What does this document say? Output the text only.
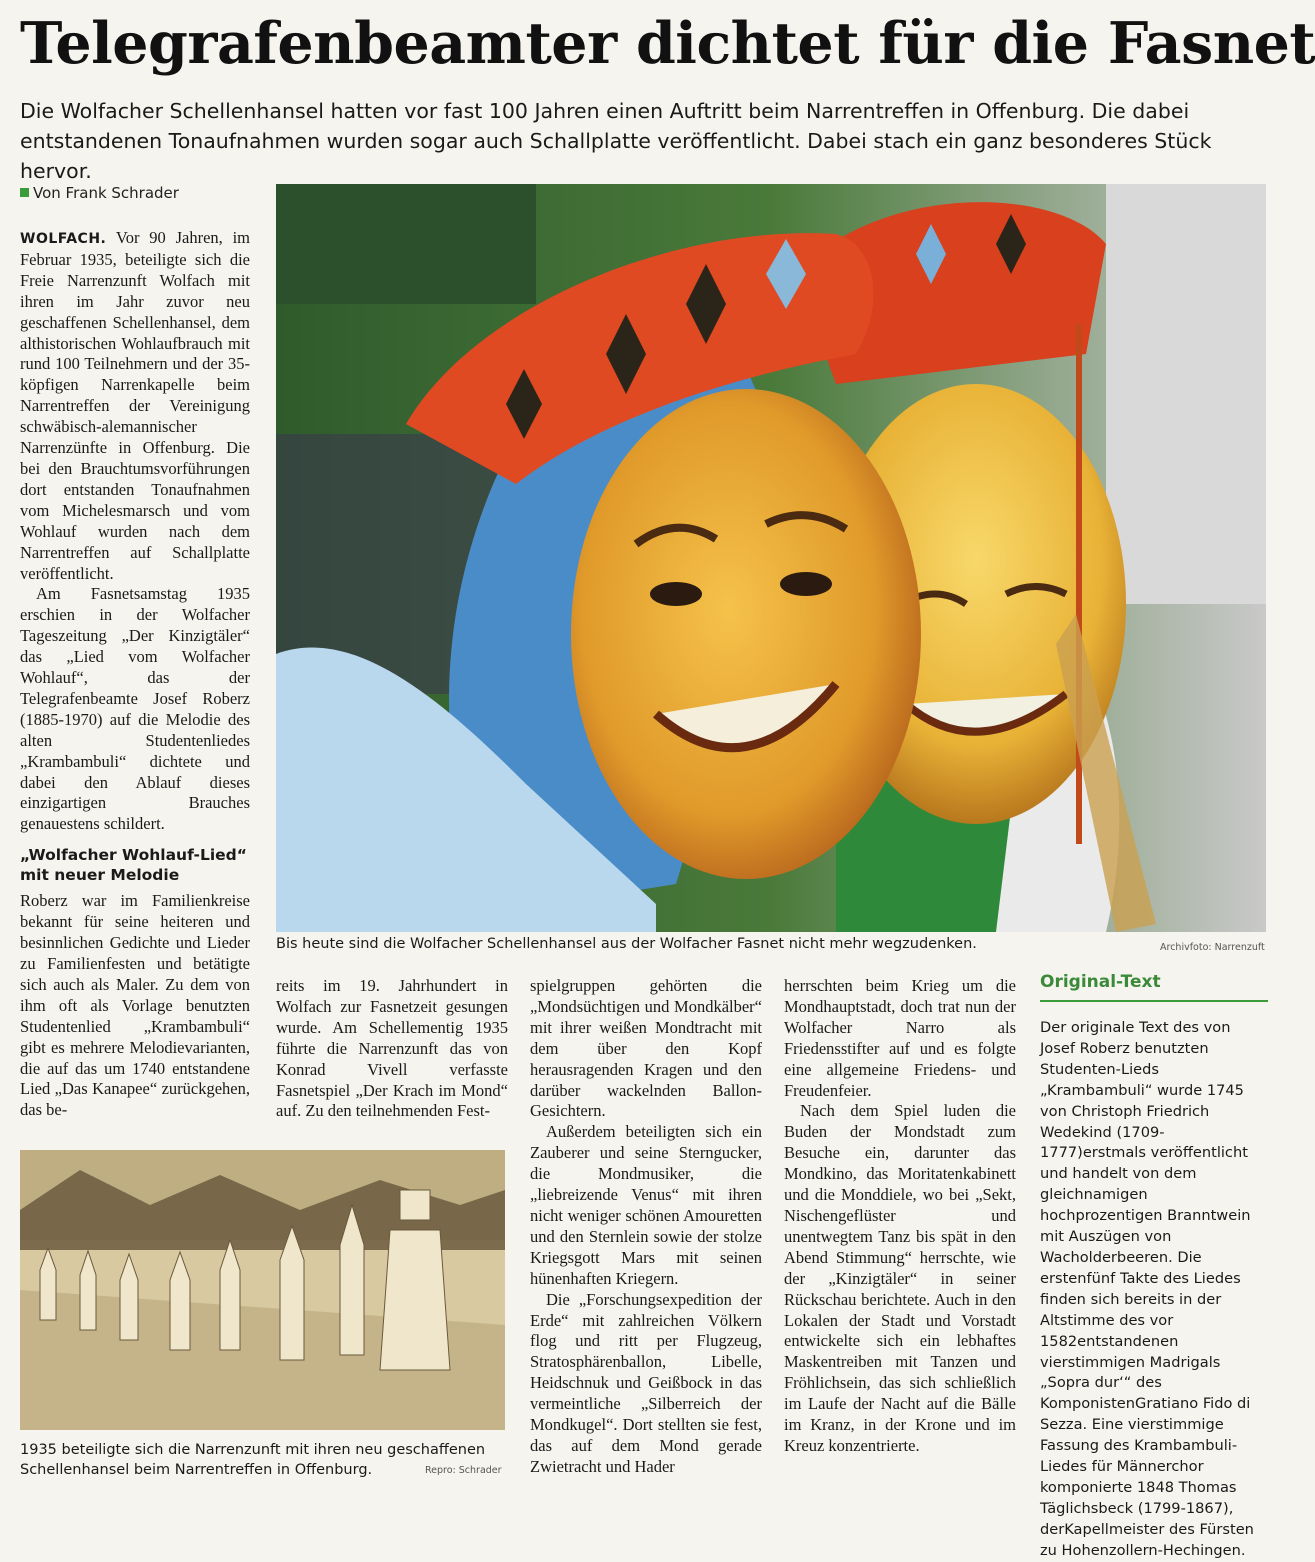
Telegrafenbeamter dichtet für die Fasnet
Die Wolfacher Schellenhansel hatten vor fast 100 Jahren einen Auftritt beim Narrentreffen in Offenburg. Die dabei entstandenen Tonaufnahmen wurden sogar auch Schallplatte veröffentlicht. Dabei stach ein ganz besonderes Stück hervor.
Von Frank Schrader

WOLFACH. Vor 90 Jahren, im Februar 1935, beteiligte sich die Freie Narrenzunft Wolfach mit ihren im Jahr zuvor neu geschaffenen Schellenhansel, dem althistorischen Wohlaufbrauch mit rund 100 Teilnehmern und der 35-köpfigen Narrenkapelle beim Narrentreffen der Vereinigung schwäbisch-alemannischer Narrenzünfte in Offenburg. Die bei den Brauchtumsvorführungen dort entstanden Tonaufnahmen vom Michelesmarsch und vom Wohlauf wurden nach dem Narrentreffen auf Schallplatte veröffentlicht.

Am Fasnetsamstag 1935 erschien in der Wolfacher Tageszeitung „Der Kinzigtäler“ das „Lied vom Wolfacher Wohlauf“, das der Telegrafenbeamte Josef Roberz (1885-1970) auf die Melodie des alten Studentenliedes „Krambambuli“ dichtete und dabei den Ablauf dieses einzigartigen Brauches genauestens schildert.

„Wolfacher Wohlauf-Lied“ mit neuer Melodie

Roberz war im Familienkreise bekannt für seine heiteren und besinnlichen Gedichte und Lieder zu Familienfesten und betätigte sich auch als Maler. Zu dem von ihm oft als Vorlage benutzten Studentenlied „Krambambuli“ gibt es mehrere Melodievarianten, die auf das um 1740 entstandene Lied „Das Kanapee“ zurückgehen, das be-

Bis heute sind die Wolfacher Schellenhansel aus der Wolfacher Fasnet nicht mehr wegzudenken.	Archivfoto: Narrenzuft

reits im 19. Jahrhundert in Wolfach zur Fasnetzeit gesungen wurde. Am Schellementig 1935 führte die Narrenzunft das von Konrad Vivell verfasste Fasnetspiel „Der Krach im Mond“ auf. Zu den teilnehmenden Fest-

spielgruppen gehörten die „Mondsüchtigen und Mondkälber“ mit ihrer weißen Mondtracht mit dem über den Kopf herausragenden Kragen und den darüber wackelnden Ballon-Gesichtern.

Außerdem beteiligten sich ein Zauberer und seine Sterngucker, die Mondmusiker, die „liebreizende Venus“ mit ihren nicht weniger schönen Amouretten und den Sternlein sowie der stolze Kriegsgott Mars mit seinen hünenhaften Kriegern.

Die „Forschungsexpedition der Erde“ mit zahlreichen Völkern flog und ritt per Flugzeug, Stratosphärenballon, Libelle, Heidschnuk und Geißbock in das vermeintliche „Silberreich der Mondkugel“. Dort stellten sie fest, das auf dem Mond gerade Zwietracht und Hader

herrschten beim Krieg um die Mondhauptstadt, doch trat nun der Wolfacher Narro als Friedensstifter auf und es folgte eine allgemeine Friedens- und Freudenfeier.

Nach dem Spiel luden die Buden der Mondstadt zum Besuche ein, darunter das Mondkino, das Moritatenkabinett und die Monddiele, wo bei „Sekt, Nischengeflüster und unentwegtem Tanz bis spät in den Abend Stimmung“ herrschte, wie der „Kinzigtäler“ in seiner Rückschau berichtete. Auch in den Lokalen der Stadt und Vorstadt entwickelte sich ein lebhaftes Maskentreiben mit Tanzen und Fröhlichsein, das sich schließlich im Laufe der Nacht auf die Bälle im Kranz, in der Krone und im Kreuz konzentrierte.

1935 beteiligte sich die Narrenzunft mit ihren neu geschaffenen Schellenhansel beim Narrentreffen in Offenburg.	Repro: Schrader
Original-Text
Der originale Text des von Josef Roberz benutzten Studenten-Lieds „Krambambuli“ wurde 1745 von Christoph Friedrich Wedekind (1709-1777)erstmals veröffentlicht und handelt von dem gleichnamigen hochprozentigen Branntwein mit Auszügen von Wacholderbeeren. Die erstenfünf Takte des Liedes finden sich bereits in der Altstimme des vor 1582entstandenen vierstimmigen Madrigals „Sopra dur‘“ des KomponistenGratiano Fido di Sezza. Eine vierstimmige Fassung des Krambambuli-Liedes für Männerchor komponierte 1848 Thomas Täglichsbeck (1799-1867), derKapellmeister des Fürsten zu Hohenzollern-Hechingen.
